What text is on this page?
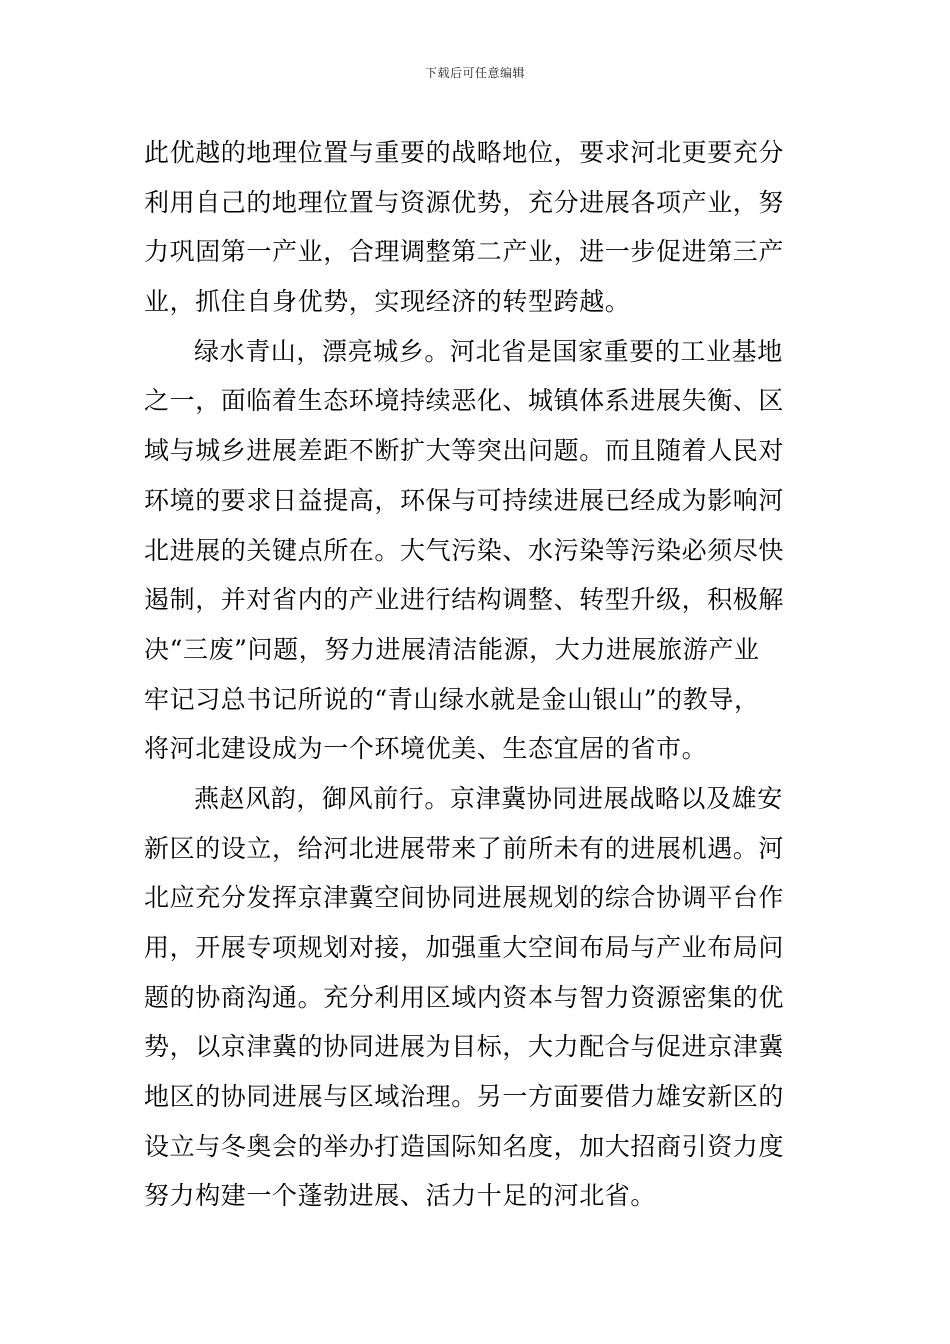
下载后可任意编辑
此优越的地理位置与重要的战略地位，要求河北更要充分
利用自己的地理位置与资源优势，充分进展各项产业，努
力巩固第一产业，合理调整第二产业，进一步促进第三产
业，抓住自身优势，实现经济的转型跨越。
绿水青山，漂亮城乡。河北省是国家重要的工业基地
之一，面临着生态环境持续恶化、城镇体系进展失衡、区
域与城乡进展差距不断扩大等突出问题。而且随着人民对
环境的要求日益提高，环保与可持续进展已经成为影响河
北进展的关键点所在。大气污染、水污染等污染必须尽快
遏制，并对省内的产业进行结构调整、转型升级，积极解
决“三废”问题，努力进展清洁能源，大力进展旅游产业
牢记习总书记所说的“青山绿水就是金山银山”的教导，
将河北建设成为一个环境优美、生态宜居的省市。
燕赵风韵，御风前行。京津冀协同进展战略以及雄安
新区的设立，给河北进展带来了前所未有的进展机遇。河
北应充分发挥京津冀空间协同进展规划的综合协调平台作
用，开展专项规划对接，加强重大空间布局与产业布局问
题的协商沟通。充分利用区域内资本与智力资源密集的优
势，以京津冀的协同进展为目标，大力配合与促进京津冀
地区的协同进展与区域治理。另一方面要借力雄安新区的
设立与冬奥会的举办打造国际知名度，加大招商引资力度
努力构建一个蓬勃进展、活力十足的河北省。
